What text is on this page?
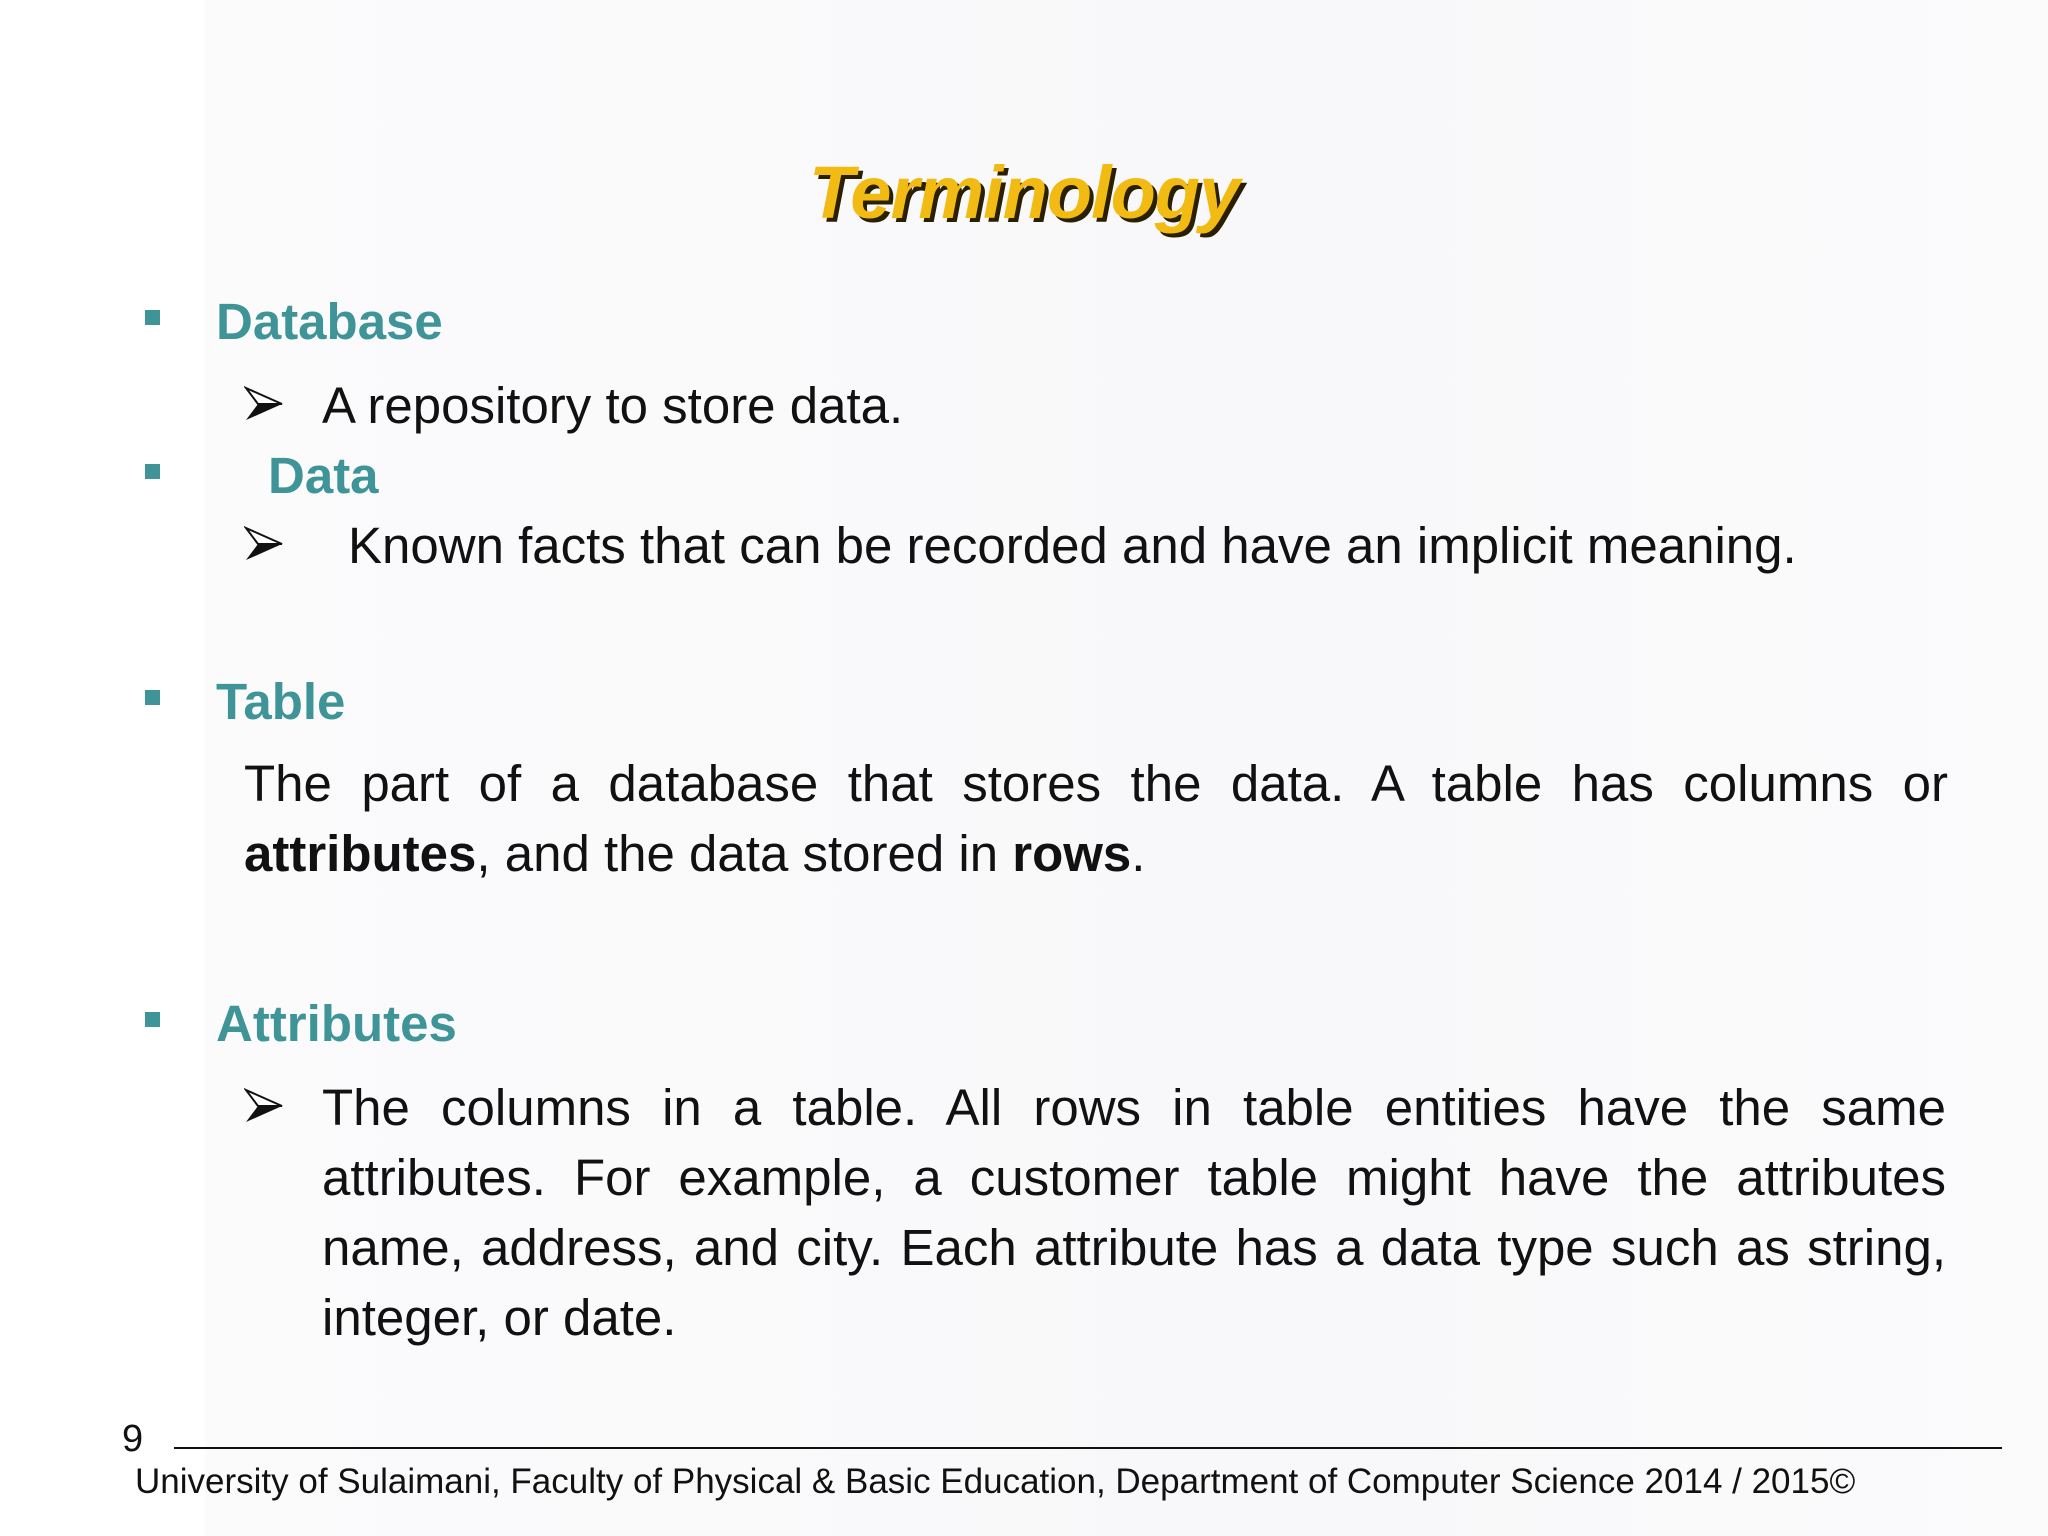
Terminology
Database
A repository to store data.
Data
Known facts that can be recorded and have an implicit meaning.
Table
The part of a database that stores the data. A table has columns or attributes, and the data stored in rows.
Attributes
The columns in a table. All rows in table entities have the same attributes. For example, a customer table might have the attributes name, address, and city. Each attribute has a data type such as string, integer, or date.
9
University of Sulaimani, Faculty of Physical & Basic Education, Department of Computer Science 2014 / 2015©
